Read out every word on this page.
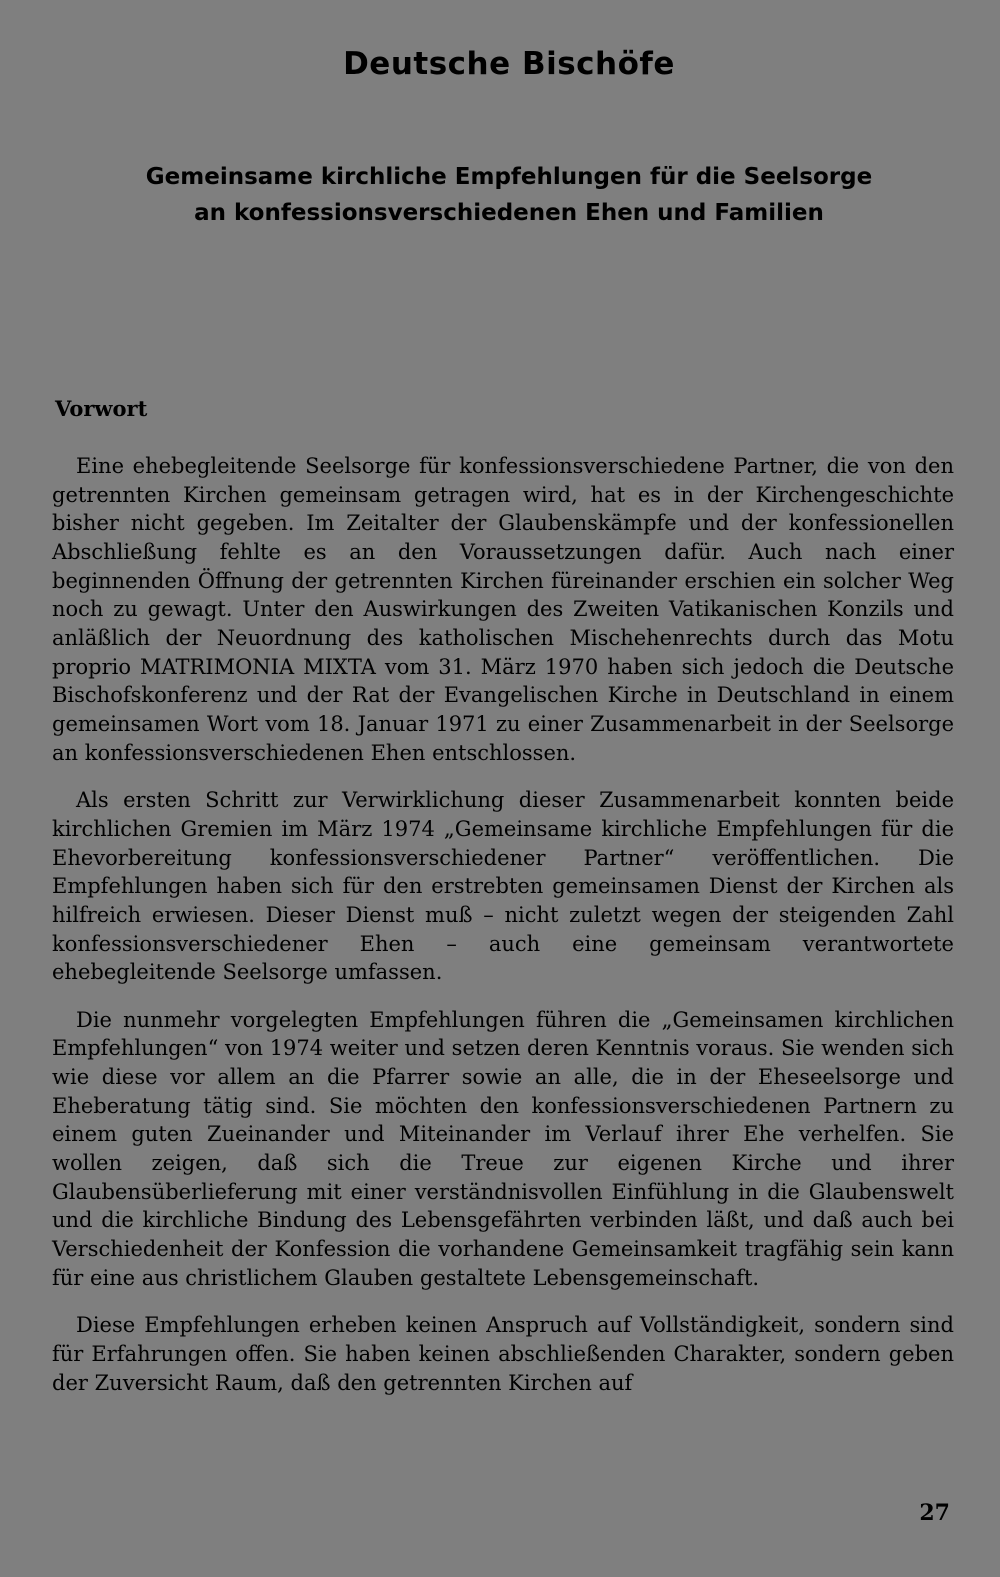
Deutsche Bischöfe
Gemeinsame kirchliche Empfehlungen für die Seelsorge
an konfessionsverschiedenen Ehen und Familien
Vorwort

Eine ehebegleitende Seelsorge für konfessionsverschiedene Partner, die von den getrennten Kirchen gemeinsam getragen wird, hat es in der Kirchengeschichte bisher nicht gegeben. Im Zeitalter der Glaubenskämpfe und der konfessionellen Abschließung fehlte es an den Voraussetzungen dafür. Auch nach einer beginnenden Öffnung der getrennten Kirchen füreinander erschien ein solcher Weg noch zu gewagt. Unter den Auswirkungen des Zweiten Vatikanischen Konzils und anläßlich der Neuordnung des katholischen Mischehenrechts durch das Motu proprio MATRIMONIA MIXTA vom 31. März 1970 haben sich jedoch die Deutsche Bischofskonferenz und der Rat der Evangelischen Kirche in Deutschland in einem gemeinsamen Wort vom 18. Januar 1971 zu einer Zusammenarbeit in der Seelsorge an konfessionsverschiedenen Ehen entschlossen.

Als ersten Schritt zur Verwirklichung dieser Zusammenarbeit konnten beide kirchlichen Gremien im März 1974 „Gemeinsame kirchliche Empfehlungen für die Ehevorbereitung konfessionsverschiedener Partner“ veröffentlichen. Die Empfehlungen haben sich für den erstrebten gemeinsamen Dienst der Kirchen als hilfreich erwiesen. Dieser Dienst muß – nicht zuletzt wegen der steigenden Zahl konfessionsverschiedener Ehen – auch eine gemeinsam verantwortete ehebegleitende Seelsorge umfassen.

Die nunmehr vorgelegten Empfehlungen führen die „Gemeinsamen kirchlichen Empfehlungen“ von 1974 weiter und setzen deren Kenntnis voraus. Sie wenden sich wie diese vor allem an die Pfarrer sowie an alle, die in der Eheseelsorge und Eheberatung tätig sind. Sie möchten den konfessionsverschiedenen Partnern zu einem guten Zueinander und Miteinander im Verlauf ihrer Ehe verhelfen. Sie wollen zeigen, daß sich die Treue zur eigenen Kirche und ihrer Glaubensüberlieferung mit einer verständnisvollen Einfühlung in die Glaubenswelt und die kirchliche Bindung des Lebensgefährten verbinden läßt, und daß auch bei Verschiedenheit der Konfession die vorhandene Gemeinsamkeit tragfähig sein kann für eine aus christlichem Glauben gestaltete Lebensgemeinschaft.

Diese Empfehlungen erheben keinen Anspruch auf Vollständigkeit, sondern sind für Erfahrungen offen. Sie haben keinen abschließenden Charakter, sondern geben der Zuversicht Raum, daß den getrennten Kirchen auf

27
